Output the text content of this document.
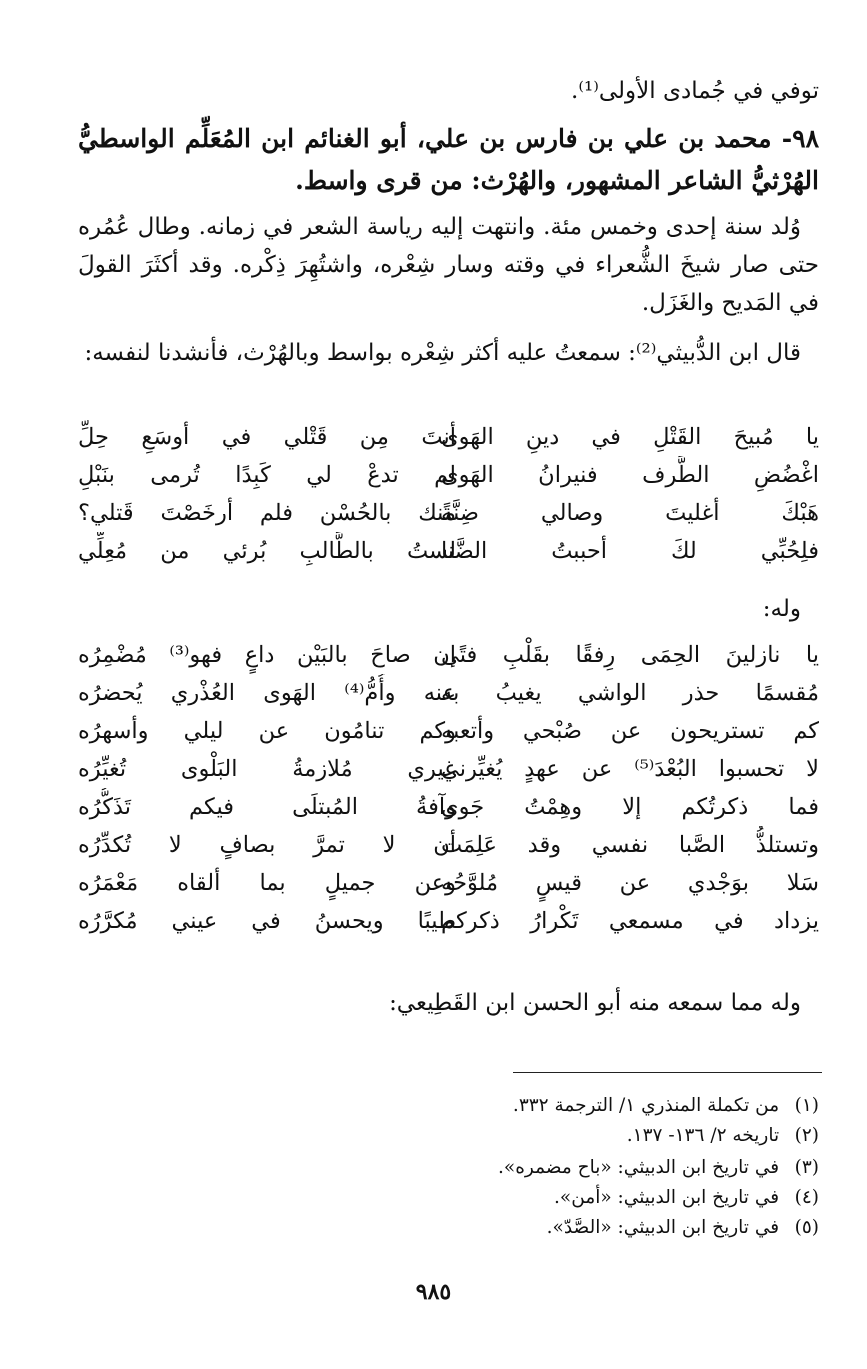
توفي في جُمادى الأولى⁽¹⁾.
٩٨- محمد بن علي بن فارس بن علي، أبو الغنائم ابن المُعَلِّم الواسطيُّ الهُرْثيُّ الشاعر المشهور، والهُرْث: من قرى واسط.
وُلد سنة إحدى وخمس مئة. وانتهت إليه رياسة الشعر في زمانه. وطال عُمُره حتى صار شيخَ الشُّعراء في وقته وسار شِعْره، واشتُهِرَ ذِكْره. وقد أكثَرَ القولَ في المَديح والغَزَل.
قال ابن الدُّبيثي⁽²⁾: سمعتُ عليه أكثر شِعْره بواسط وبالهُرْث، فأنشدنا لنفسه:
يا مُبيحَ القَتْلِ في دينِ الهَوى
أنتَ مِن قَتْلي في أوسَعِ حِلِّ
اغْضُضِ الطَّرف فنيرانُ الهَوى
لم تدعْ لي كَبِدًا تُرمى بنَبْلِ
هَبْكَ أغليتَ وصالي ضِنَّةً
منك بالحُسْن فلم أرخَصْتَ قَتلي؟
فلِحُبِّي لكَ أحببتُ الضَّنا
لستُ بالطَّالبِ بُرئي من مُعِلِّي
وله:
يا نازلينَ الحِمَى رِفقًا بقَلْبِ فتًى
إن صاحَ بالبَيْن داعٍ فهو⁽³⁾ مُضْمِرُه
مُقسمًا حذر الواشي يغيبُ به
عنه وأُمُّ⁽⁴⁾ الهَوى العُذْري يُحضرُه
كم تستريحون عن صُبْحي وأتعبه
وكم تنامُون عن ليلي وأسهرُه
لا تحسبوا البُعْدَ⁽⁵⁾ عن عهدٍ يُغيِّرني
غيري مُلازمةُ البَلْوى تُغيِّرُه
فما ذكرتُكم إلا وهِمْتُ جَوى
وآفةُ المُبتلَى فيكم تَذَكُّرُه
وتستلذُّ الصَّبا نفسي وقد عَلِمَت
أن لا تمرَّ بصافٍ لا تُكدِّرُه
سَلا بوَجْدي عن قيسٍ مُلوَّحُه
وعن جميلٍ بما ألقاه مَعْمَرُه
يزداد في مسمعي تَكْرارُ ذكركم
طيبًا ويحسنُ في عيني مُكرَّرُه
وله مما سمعه منه أبو الحسن ابن القَطِيعي:
(١) من تكملة المنذري ١/ الترجمة ٣٣٢.
(٢) تاريخه ٢/ ١٣٦- ١٣٧.
(٣) في تاريخ ابن الدبيثي: «باح مضمره».
(٤) في تاريخ ابن الدبيثي: «أمن».
(٥) في تاريخ ابن الدبيثي: «الصَّدّ».
٩٨٥
